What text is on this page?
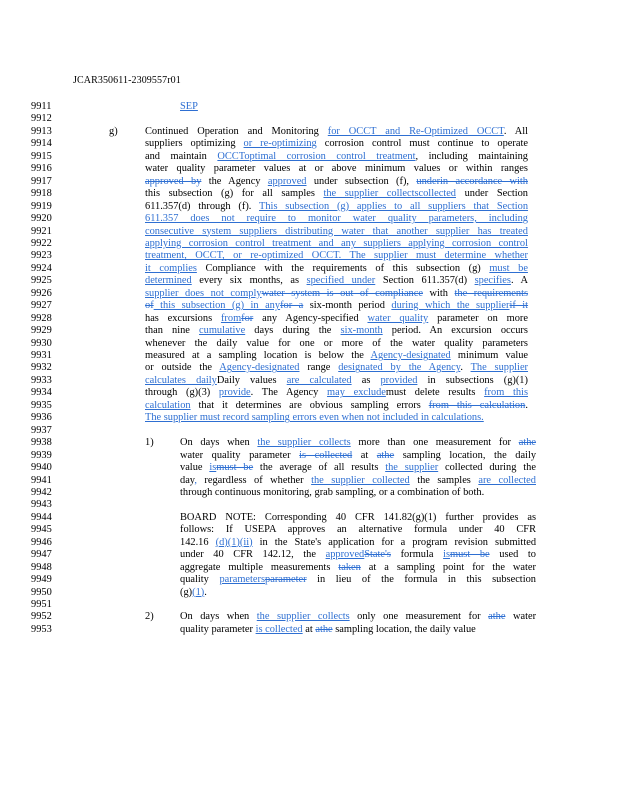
JCAR350611-2309557r01
9911	SEP
9912
9913	g)	Continued Operation and Monitoring for OCCT and Re-Optimized OCCT. All
9914	suppliers optimizing or re-optimizing corrosion control must continue to operate
9915	and maintain OCCToptimal corrosion control treatment, including maintaining
9916	water quality parameter values at or above minimum values or within ranges
9917	approved by the Agency approved under subsection (f), underin accordance with
9918	this subsection (g) for all samples the supplier collectscollected under Section
9919	611.357(d) through (f). This subsection (g) applies to all suppliers that Section
9920	611.357 does not require to monitor water quality parameters, including
9921	consecutive system suppliers distributing water that another supplier has treated
9922	applying corrosion control treatment and any suppliers applying corrosion control
9923	treatment, OCCT, or re-optimized OCCT. The supplier must determine whether
9924	it complies Compliance with the requirements of this subsection (g) must be
9925	determined every six months, as specified under Section 611.357(d) specifies. A
9926	supplier does not complywater system is out of compliance with the requirements
9927	of this subsection (g) in anyfor a six-month period during which the supplierif it
9928	has excursions fromfor any Agency-specified water quality parameter on more
9929	than nine cumulative days during the six-month period. An excursion occurs
9930	whenever the daily value for one or more of the water quality parameters
9931	measured at a sampling location is below the Agency-designated minimum value
9932	or outside the Agency-designated range designated by the Agency. The supplier
9933	calculates dailyDaily values are calculated as provided in subsections (g)(1)
9934	through (g)(3) provide. The Agency may excludemust delete results from this
9935	calculation that it determines are obvious sampling errors from this calculation.
9936	The supplier must record sampling errors even when not included in calculations.
9937
9938	1)	On days when the supplier collects more than one measurement for athe
9939	water quality parameter is collected at athe sampling location, the daily
9940	value ismust be the average of all results the supplier collected during the
9941	day, regardless of whether the supplier collected the samples are collected
9942	through continuous monitoring, grab sampling, or a combination of both.
9943
9944	BOARD NOTE: Corresponding 40 CFR 141.82(g)(1) further provides as
9945	follows: If USEPA approves an alternative formula under 40 CFR
9946	142.16 (d)(1)(ii) in the State's application for a program revision submitted
9947	under 40 CFR 142.12, the approvedState's formula ismust be used to
9948	aggregate multiple measurements taken at a sampling point for the water
9949	quality parametersparameter in lieu of the formula in this subsection
9950	(g)(1).
9951
9952	2)	On days when the supplier collects only one measurement for athe water
9953	quality parameter is collected at athe sampling location, the daily value
